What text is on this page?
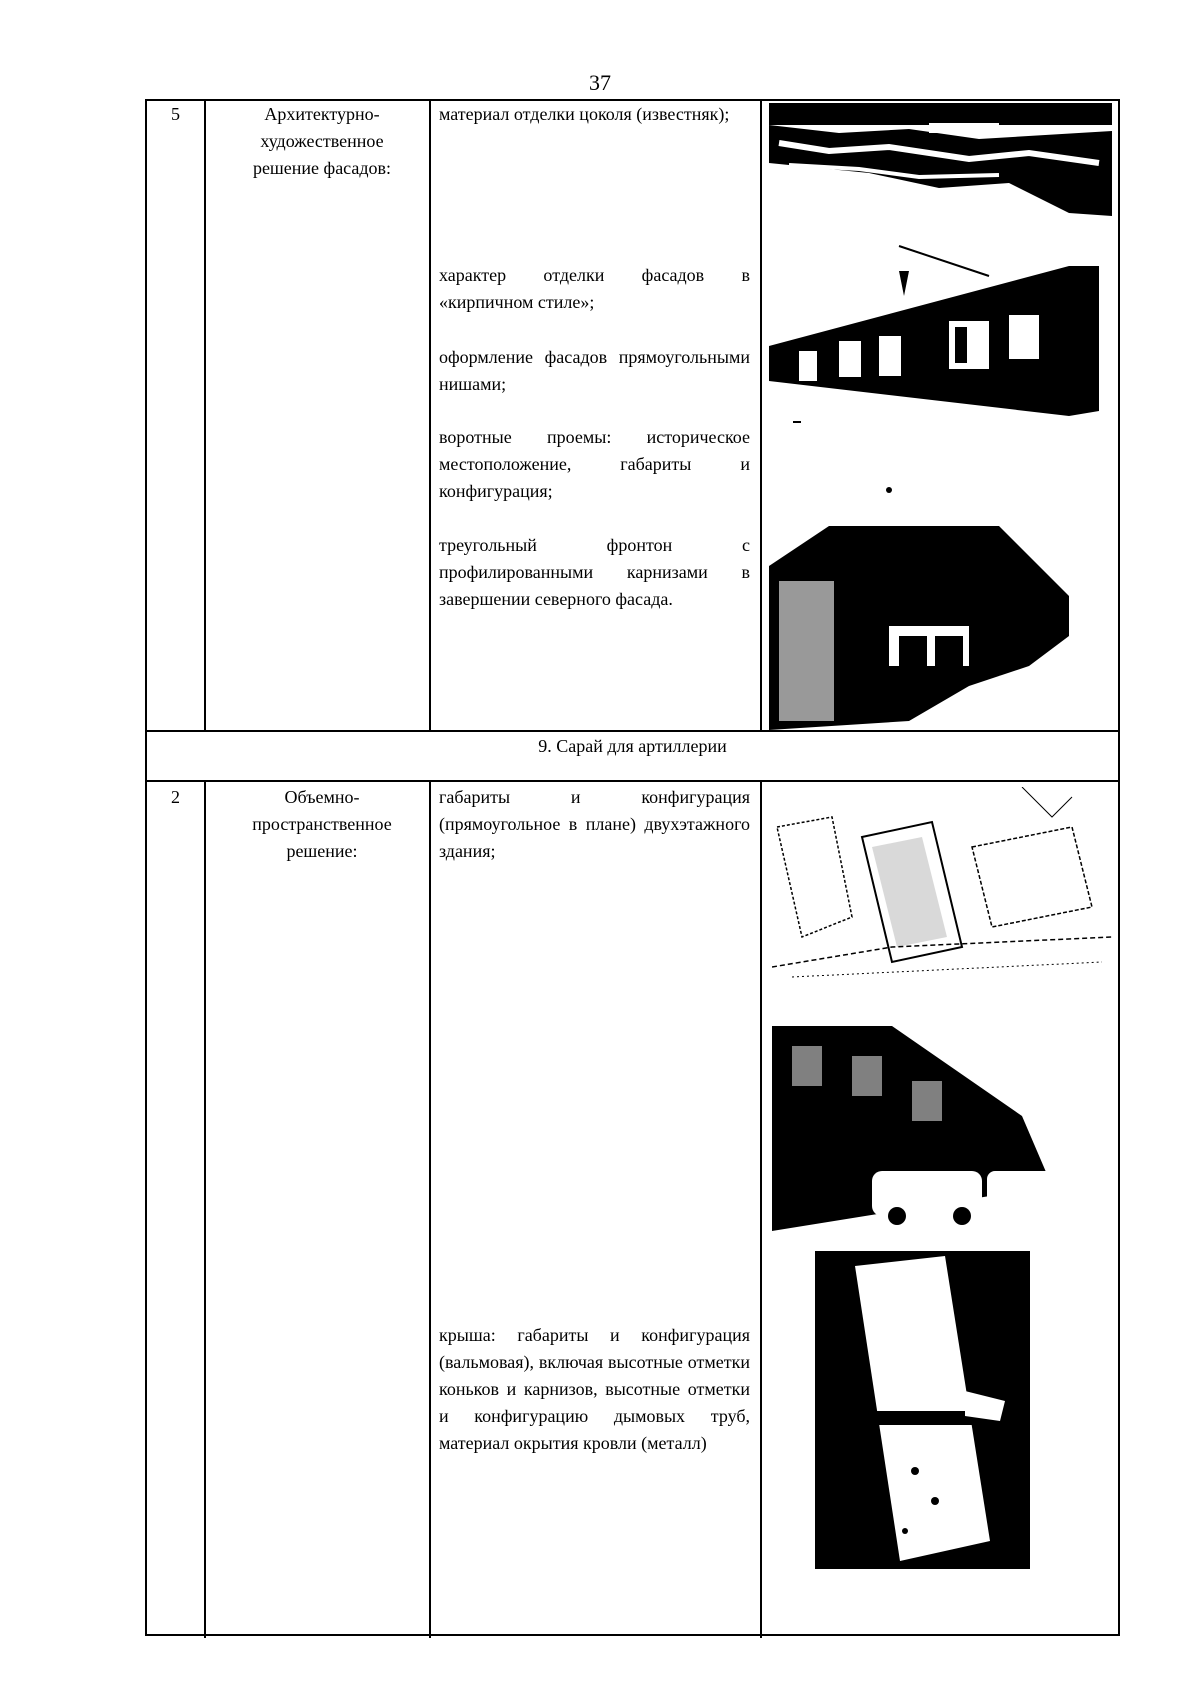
37
5	Архитектурно-художественное решение фасадов:
материал отделки цоколя (известняк);
характер отделки фасадов в «кирпичном стиле»;
оформление фасадов прямоугольными нишами;
воротные проемы: историческое местоположение, габариты и конфигурация;
треугольный фронтон с профилированными карнизами в завершении северного фасада.
9. Сарай для артиллерии
2	Объемно-пространственное решение:
габариты и конфигурация (прямоугольное в плане) двухэтажного здания;
крыша: габариты и конфигурация (вальмовая), включая высотные отметки коньков и карнизов, высотные отметки и конфигурацию дымовых труб, материал окрытия кровли (металл)
